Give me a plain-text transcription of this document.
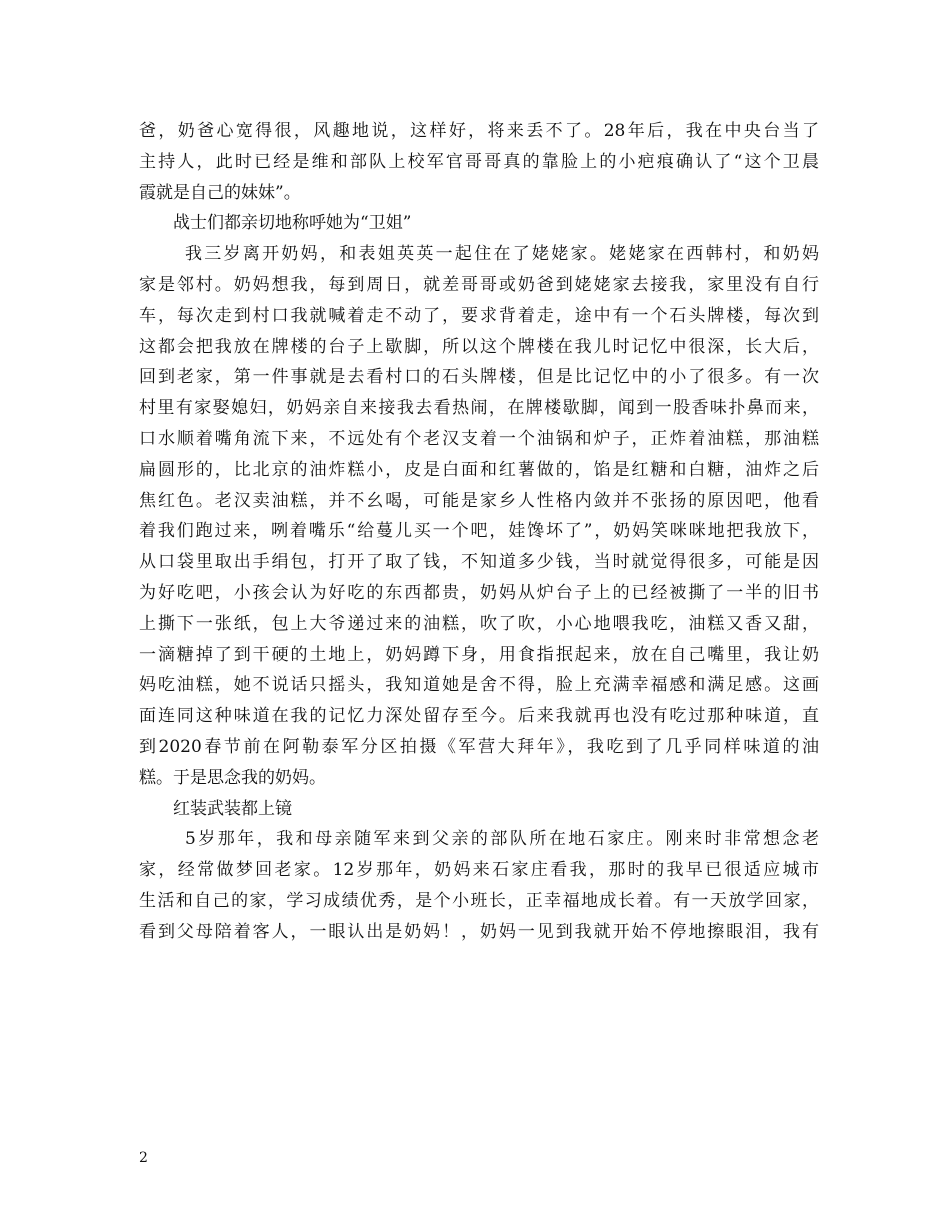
爸，奶爸心宽得很，风趣地说，这样好，将来丢不了。28年后，我在中央台当了
主持人，此时已经是维和部队上校军官哥哥真的靠脸上的小疤痕确认了“这个卫晨
霞就是自己的妹妹”。
战士们都亲切地称呼她为“卫姐”
我三岁离开奶妈，和表姐英英一起住在了姥姥家。姥姥家在西韩村，和奶妈
家是邻村。奶妈想我，每到周日，就差哥哥或奶爸到姥姥家去接我，家里没有自行
车，每次走到村口我就喊着走不动了，要求背着走，途中有一个石头牌楼，每次到
这都会把我放在牌楼的台子上歇脚，所以这个牌楼在我儿时记忆中很深，长大后，
回到老家，第一件事就是去看村口的石头牌楼，但是比记忆中的小了很多。有一次
村里有家娶媳妇，奶妈亲自来接我去看热闹，在牌楼歇脚，闻到一股香味扑鼻而来，
口水顺着嘴角流下来，不远处有个老汉支着一个油锅和炉子，正炸着油糕，那油糕
扁圆形的，比北京的油炸糕小，皮是白面和红薯做的，馅是红糖和白糖，油炸之后
焦红色。老汉卖油糕，并不幺喝，可能是家乡人性格内敛并不张扬的原因吧，他看
着我们跑过来，咧着嘴乐“给蔓儿买一个吧，娃馋坏了”，奶妈笑咪咪地把我放下，
从口袋里取出手绢包，打开了取了钱，不知道多少钱，当时就觉得很多，可能是因
为好吃吧，小孩会认为好吃的东西都贵，奶妈从炉台子上的已经被撕了一半的旧书
上撕下一张纸，包上大爷递过来的油糕，吹了吹，小心地喂我吃，油糕又香又甜，
一滴糖掉了到干硬的土地上，奶妈蹲下身，用食指抿起来，放在自己嘴里，我让奶
妈吃油糕，她不说话只摇头，我知道她是舍不得，脸上充满幸福感和满足感。这画
面连同这种味道在我的记忆力深处留存至今。后来我就再也没有吃过那种味道，直
到2020春节前在阿勒泰军分区拍摄《军营大拜年》，我吃到了几乎同样味道的油
糕。于是思念我的奶妈。
红装武装都上镜
5岁那年，我和母亲随军来到父亲的部队所在地石家庄。刚来时非常想念老
家，经常做梦回老家。12岁那年，奶妈来石家庄看我，那时的我早已很适应城市
生活和自己的家，学习成绩优秀，是个小班长，正幸福地成长着。有一天放学回家，
看到父母陪着客人，一眼认出是奶妈！，奶妈一见到我就开始不停地擦眼泪，我有
2
